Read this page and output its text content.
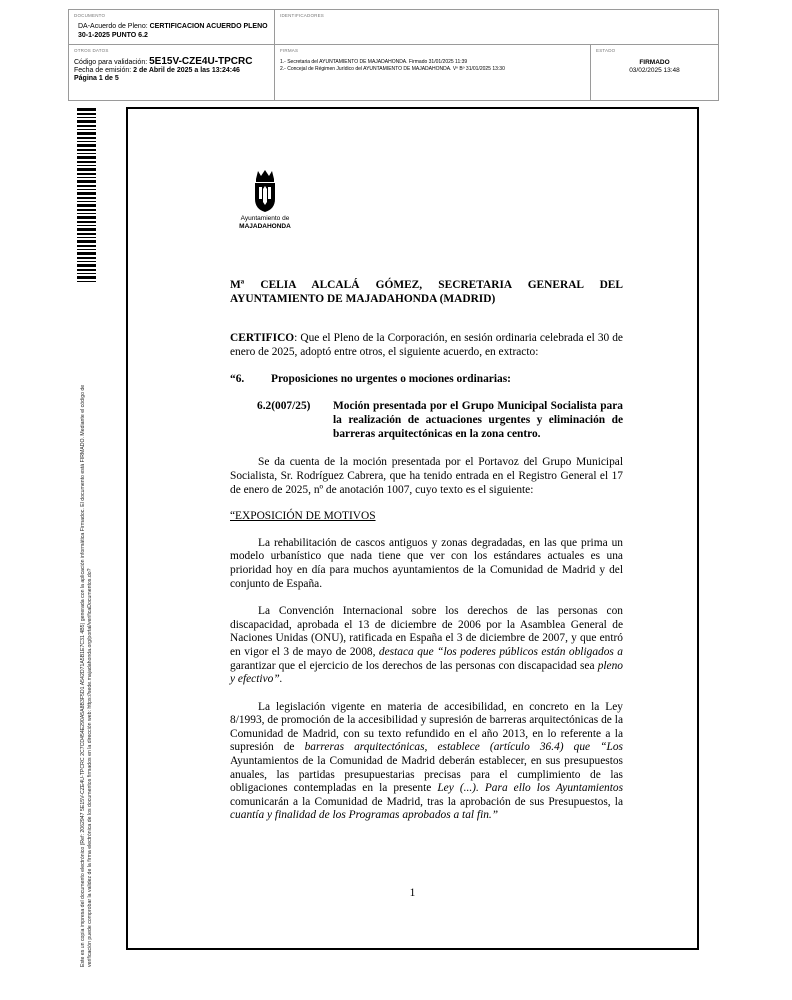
DOCUMENTO
DA-Acuerdo de Pleno: CERTIFICACION ACUERDO PLENO 30-1-2025 PUNTO 6.2
IDENTIFICADORES
OTROS DATOS
Código para validación: 5E15V-CZE4U-TPCRC
Fecha de emisión: 2 de Abril de 2025 a las 13:24:46
Página 1 de 5
FIRMAS
1.- Secretaria del AYUNTAMIENTO DE MAJADAHONDA. Firmado 31/01/2025 11:39
2.- Concejal de Régimen Jurídico del AYUNTAMIENTO DE MAJADAHONDA. Vº Bº 31/01/2025 13:30
ESTADO
FIRMADO
03/02/2025 13:48
Este es un copia impresa del documento electrónico (Ref: 2062947 5E15V-CZE4U-TPCRC 2C7CD454E290A5A8B3F5D1 A542D71A5B1E7C31 4B5) generada con la aplicación informática Firmadoc. El documento está FIRMADO. Mediante el código de verificación puede comprobar la validez de la firma electrónica de los documentos firmados en la dirección web: https://sede.majadahonda.org/portal/verificaDocumentos.do?
Ayuntamiento de
MAJADAHONDA
Mª CELIA ALCALÁ GÓMEZ, SECRETARIA GENERAL DEL
AYUNTAMIENTO DE MAJADAHONDA (MADRID)

CERTIFICO: Que el Pleno de la Corporación, en sesión ordinaria celebrada el 30 de enero de 2025, adoptó entre otros, el siguiente acuerdo, en extracto:

“6. Proposiciones no urgentes o mociones ordinarias:
6.2(007/25) Moción presentada por el Grupo Municipal Socialista para la realización de actuaciones urgentes y eliminación de barreras arquitectónicas en la zona centro.

Se da cuenta de la moción presentada por el Portavoz del Grupo Municipal Socialista, Sr. Rodríguez Cabrera, que ha tenido entrada en el Registro General el 17 de enero de 2025, nº de anotación 1007, cuyo texto es el siguiente:

“EXPOSICIÓN DE MOTIVOS

La rehabilitación de cascos antiguos y zonas degradadas, en las que prima un modelo urbanístico que nada tiene que ver con los estándares actuales es una prioridad hoy en día para muchos ayuntamientos de la Comunidad de Madrid y del conjunto de España.

La Convención Internacional sobre los derechos de las personas con discapacidad, aprobada el 13 de diciembre de 2006 por la Asamblea General de Naciones Unidas (ONU), ratificada en España el 3 de diciembre de 2007, y que entró en vigor el 3 de mayo de 2008, destaca que “los poderes públicos están obligados a garantizar que el ejercicio de los derechos de las personas con discapacidad sea pleno y efectivo”.

La legislación vigente en materia de accesibilidad, en concreto en la Ley 8/1993, de promoción de la accesibilidad y supresión de barreras arquitectónicas de la Comunidad de Madrid, con su texto refundido en el año 2013, en lo referente a la supresión de barreras arquitectónicas, establece (artículo 36.4) que “Los Ayuntamientos de la Comunidad de Madrid deberán establecer, en sus presupuestos anuales, las partidas presupuestarias precisas para el cumplimiento de las obligaciones contempladas en la presente Ley (...). Para ello los Ayuntamientos comunicarán a la Comunidad de Madrid, tras la aprobación de sus Presupuestos, la cuantía y finalidad de los Programas aprobados a tal fin.”

1
